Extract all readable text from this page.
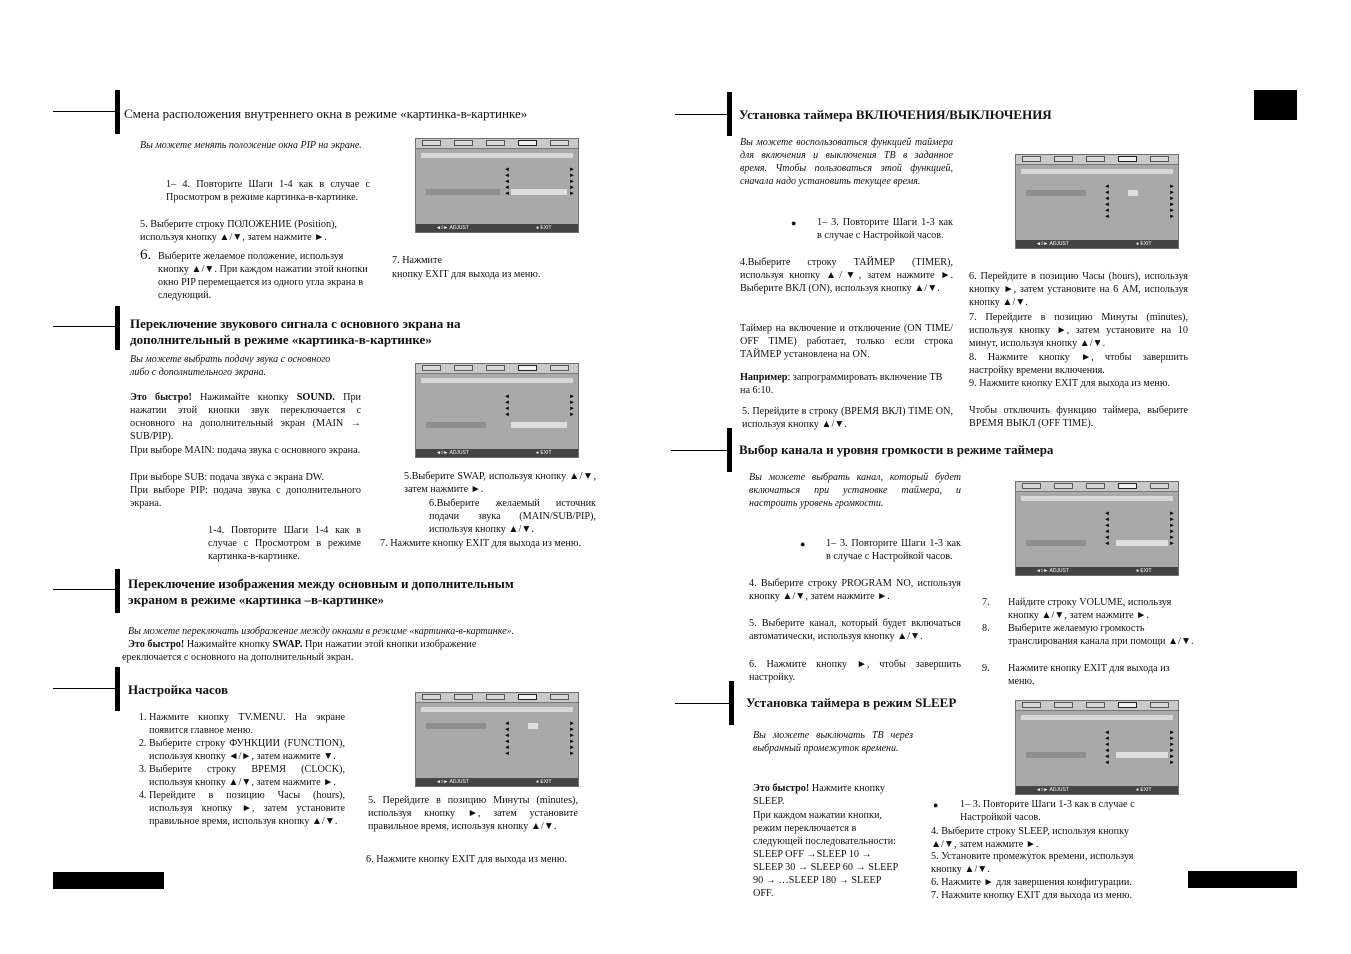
Смена расположения внутреннего окна в режиме «картинка-в-картинке»
Вы можете менять положение окна PIP на экране.
1– 4. Повторите Шаги 1-4 как в случае с Просмотром в режиме картинка-в-картинке.
5. Выберите строку ПОЛОЖЕНИЕ (Position), используя кнопку ▲/▼, затем нажмите ►.
6. Выберите желаемое положение, используя кнопку ▲/▼. При каждом нажатии этой кнопки окно PIP перемещается из одного угла экрана в следующий.
7. Нажмите
кнопку EXIT для выхода из меню.
◄
◄
◄
◄
◄
►
►
►
►
►
◄◊► ADJUST	● EXIT
Переключение звукового сигнала с основного экрана на
дополнительный в режиме «картинка-в-картинке»
Вы можете выбрать подачу звука с основного либо с дополнительного экрана.
Это быстро! Нажимайте кнопку SOUND. При нажатии этой кнопки звук переключается с основного на дополнительный экран (MAIN → SUB/PIP).
При выборе MAIN: подача звука с основного экрана.
При выборе SUB: подача звука с экрана DW.
При выборе PIP: подача звука с дополнительного экрана.
1-4. Повторите Шаги 1-4 как в случае с Просмотром в режиме картинка-в-картинке.
5.Выберите SWAP, используя кнопку ▲/▼, затем нажмите ►.
6.Выберите желаемый источник подачи звука (MAIN/SUB/PIP), используя кнопку ▲/▼.
7. Нажмите кнопку EXIT для выхода из меню.
◄
◄
◄
◄
►
►
►
►
◄◊► ADJUST	● EXIT
Переключение изображения между основным и дополнительным
экраном в режиме «картинка –в-картинке»
Вы можете переключать изображение между окнами в режиме «картинка-в-картинке».
Это быстро! Нажимайте кнопку SWAP. При нажатии этой кнопки изображение
ереключается с основного на дополнительный экран.
Настройка часов
1. Нажмите кнопку TV.MENU. На экране появится главное меню.
2. Выберите строку ФУНКЦИИ (FUNCTION), используя кнопку ◄/►, затем нажмите ▼.
3. Выберите строку ВРЕМЯ (CLOCK), используя кнопку ▲/▼, затем нажмите ►.
4. Перейдите в позицию Часы (hours), используя кнопку ►, затем установите правильное время, используя кнопку ▲/▼.
5. Перейдите в позицию Минуты (minutes), используя кнопку ►, затем установите правильное время, используя кнопку ▲/▼.
6. Нажмите кнопку EXIT для выхода из меню.
◄
◄
◄
◄
◄
◄
►
►
►
►
►
►
◄◊► ADJUST	● EXIT
Установка таймера ВКЛЮЧЕНИЯ/ВЫКЛЮЧЕНИЯ
Вы можете воспользоваться функцией таймера для включения и выключения ТВ в заданное время. Чтобы пользоваться этой функцией, сначала надо установить текущее время.
● 1– 3. Повторите Шаги 1-3 как в случае с Настройкой часов.
4.Выберите строку ТАЙМЕР (TIMER), используя кнопку ▲/▼, затем нажмите ►. Выберите ВКЛ (ON), используя кнопку ▲/▼.
Таймер на включение и отключение (ON TIME/ OFF TIME) работает, только если строка ТАЙМЕР установлена на ON.
Например: запрограммировать включение ТВ на 6:10.
5. Перейдите в строку (ВРЕМЯ ВКЛ) TIME ON, используя кнопку ▲/▼.
6. Перейдите в позицию Часы (hours), используя кнопку ►, затем установите на 6 AM, используя кнопку ▲/▼.
7. Перейдите в позицию Минуты (minutes), используя кнопку ►, затем установите на 10 минут, используя кнопку ▲/▼.
8. Нажмите кнопку ►, чтобы завершить настройку времени включения.
9. Нажмите кнопку EXIT для выхода из меню.
Чтобы отключить функцию таймера, выберите ВРЕМЯ ВЫКЛ (OFF TIME).
◄
◄
◄
◄
◄
◄
►
►
►
►
►
►
◄◊► ADJUST	● EXIT
Выбор канала и уровня громкости в режиме таймера
Вы можете выбрать канал, который будет включаться при установке таймера, и настроить уровень громкости.
● 1– 3. Повторите Шаги 1-3 как в случае с Настройкой часов.
4. Выберите строку PROGRAM NO, используя кнопку ▲/▼, затем нажмите ►.
5. Выберите канал, который будет включаться автоматически, используя кнопку ▲/▼.
6. Нажмите кнопку ►, чтобы завершить настройку.
7. Найдите строку VOLUME, используя кнопку ▲/▼, затем нажмите ►.
8. Выберите желаемую громкость транслирования канала при помощи ▲/▼.
9. Нажмите кнопку EXIT для выхода из меню.
◄
◄
◄
◄
◄
◄
►
►
►
►
►
►
◄◊► ADJUST	● EXIT
Установка таймера в режим SLEEP
Вы можете выключать ТВ через выбранный промежуток времени.
Это быстро! Нажмите кнопку SLEEP.
При каждом нажатии кнопки, режим переключается в следующей последовательности: SLEEP OFF →SLEEP 10 → SLEEP 30 → SLEEP 60 → SLEEP 90 → …SLEEP 180 → SLEEP OFF.
● 1– 3. Повторите Шаги 1-3 как в случае с Настройкой часов.
4. Выберите строку SLEEP, используя кнопку ▲/▼, затем нажмите ►.
5. Установите промежуток времени, используя кнопку ▲/▼.
6. Нажмите ► для завершения конфигурации.
7. Нажмите кнопку EXIT для выхода из меню.
◄
◄
◄
◄
◄
◄
►
►
►
►
►
►
◄◊► ADJUST	● EXIT
